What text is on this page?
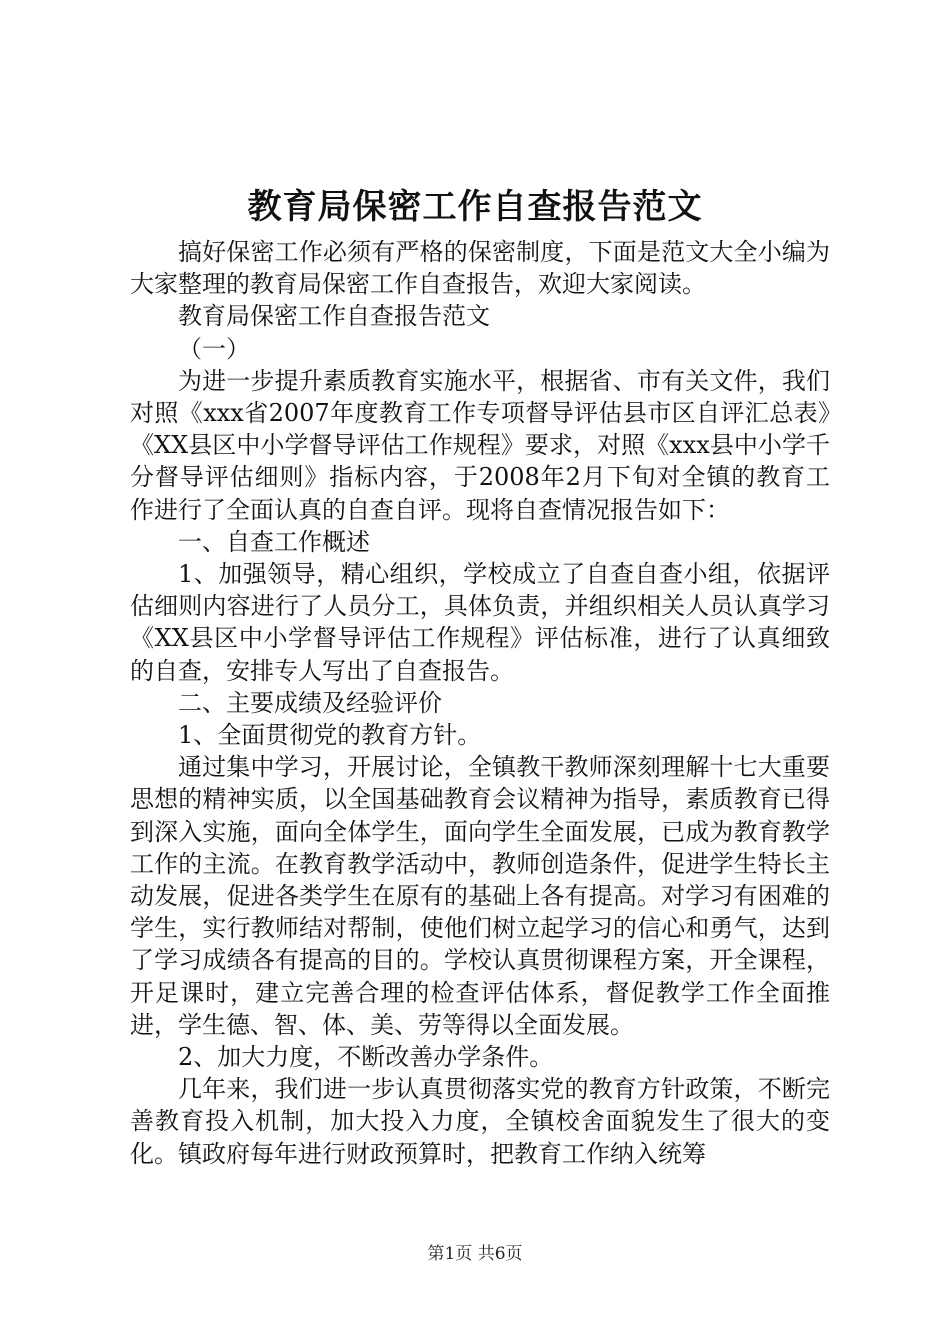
教育局保密工作自查报告范文

搞好保密工作必须有严格的保密制度，下面是范文大全小编为大家整理的教育局保密工作自查报告，欢迎大家阅读。

教育局保密工作自查报告范文

（一）

为进一步提升素质教育实施水平，根据省、市有关文件，我们对照《xxx省2007年度教育工作专项督导评估县市区自评汇总表》《XX县区中小学督导评估工作规程》要求，对照《xxx县中小学千分督导评估细则》指标内容，于2008年2月下旬对全镇的教育工作进行了全面认真的自查自评。现将自查情况报告如下：

一、自查工作概述

1、加强领导，精心组织，学校成立了自查自查小组，依据评估细则内容进行了人员分工，具体负责，并组织相关人员认真学习《XX县区中小学督导评估工作规程》评估标准，进行了认真细致的自查，安排专人写出了自查报告。

二、主要成绩及经验评价

1、全面贯彻党的教育方针。

通过集中学习，开展讨论，全镇教干教师深刻理解十七大重要思想的精神实质，以全国基础教育会议精神为指导，素质教育已得到深入实施，面向全体学生，面向学生全面发展，已成为教育教学工作的主流。在教育教学活动中，教师创造条件，促进学生特长主动发展，促进各类学生在原有的基础上各有提高。对学习有困难的学生，实行教师结对帮制，使他们树立起学习的信心和勇气，达到了学习成绩各有提高的目的。学校认真贯彻课程方案，开全课程，开足课时，建立完善合理的检查评估体系，督促教学工作全面推进，学生德、智、体、美、劳等得以全面发展。

2、加大力度，不断改善办学条件。

几年来，我们进一步认真贯彻落实党的教育方针政策，不断完善教育投入机制，加大投入力度，全镇校舍面貌发生了很大的变化。镇政府每年进行财政预算时，把教育工作纳入统筹

第1页 共6页
